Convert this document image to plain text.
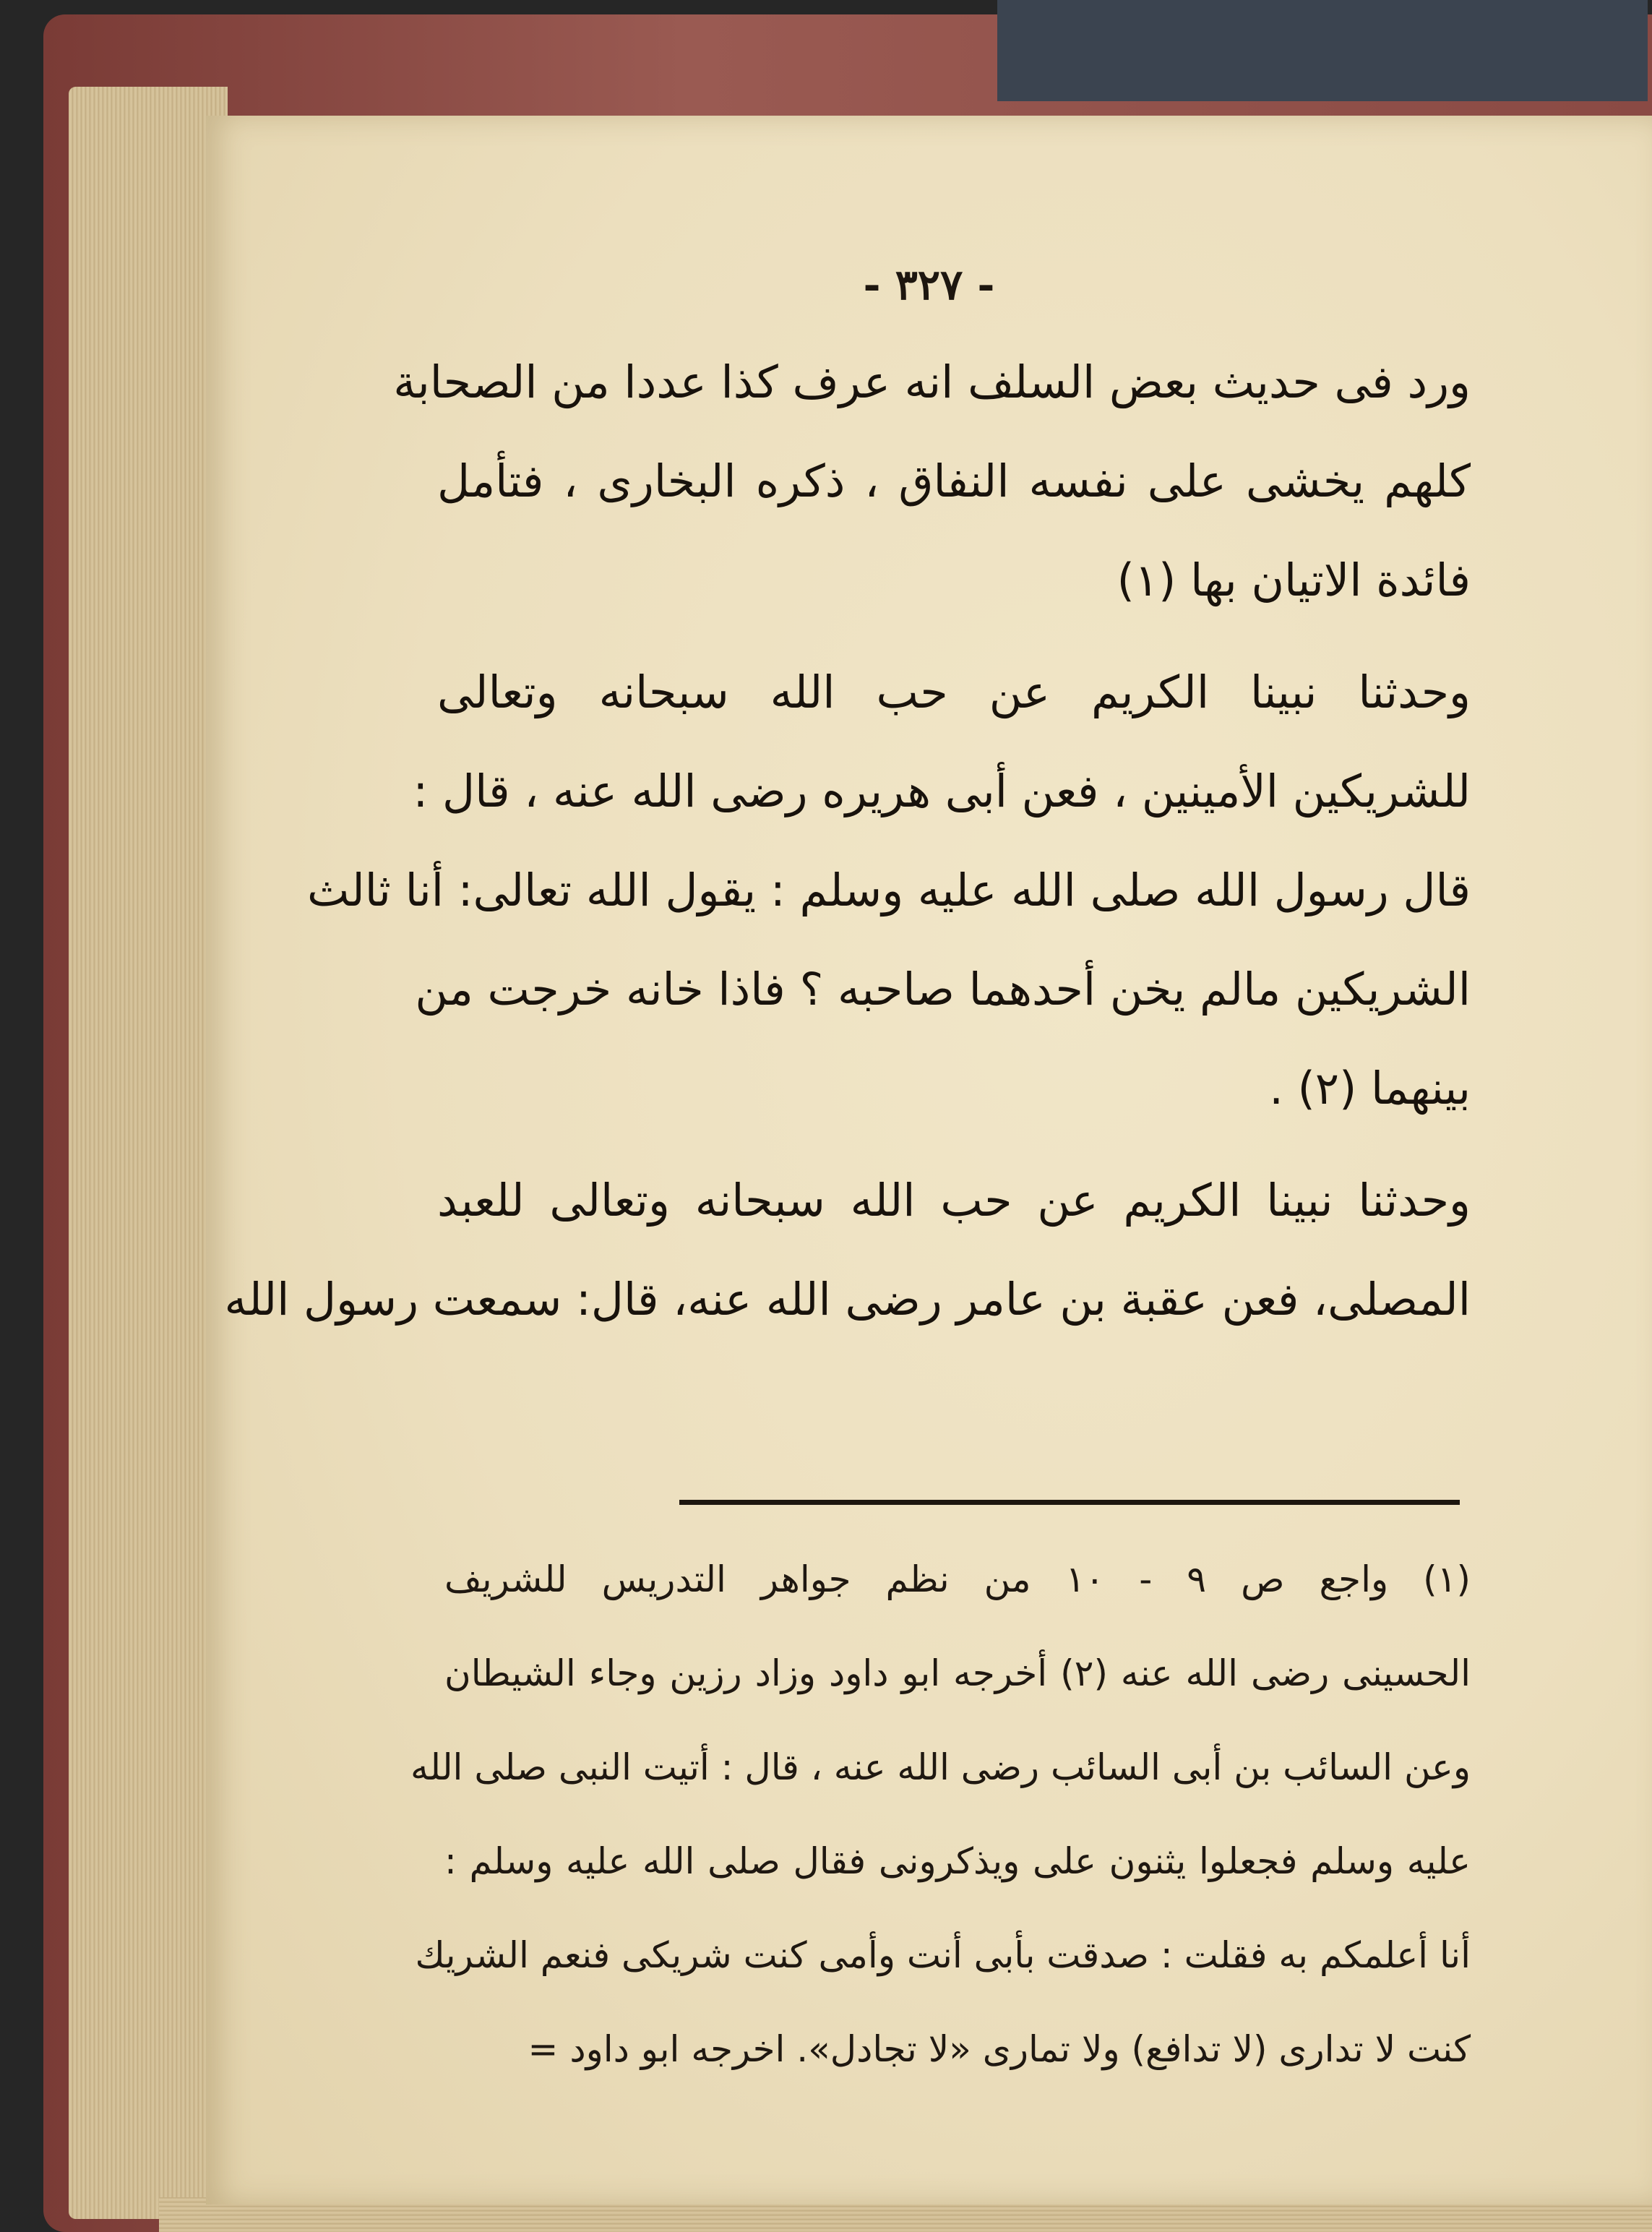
- ٣٢٧ -

ورد فى حديث بعض السلف انه عرف كذا عددا من الصحابة
كلهم يخشى على نفسه النفاق ، ذكره البخارى ، فتأمل
فائدة الاتيان بها (١)

وحدثنا نبينا الكريم عن حب الله سبحانه وتعالى
للشريكين الأمينين ، فعن أبى هريره رضى الله عنه ، قال :
قال رسول الله صلى الله عليه وسلم : يقول الله تعالى: أنا ثالث
الشريكين مالم يخن أحدهما صاحبه ؟ فاذا خانه خرجت من
بينهما (٢) .

وحدثنا نبينا الكريم عن حب الله سبحانه وتعالى للعبد
المصلى، فعن عقبة بن عامر رضى الله عنه، قال: سمعت رسول الله

(١) واجع ص ٩ - ١٠ من نظم جواهر التدريس للشريف
الحسينى رضى الله عنه (٢) أخرجه ابو داود وزاد رزين وجاء الشيطان
وعن السائب بن أبى السائب رضى الله عنه ، قال : أتيت النبى صلى الله
عليه وسلم فجعلوا يثنون على ويذكرونى فقال صلى الله عليه وسلم :
أنا أعلمكم به فقلت : صدقت بأبى أنت وأمى كنت شريكى فنعم الشريك
كنت لا تدارى (لا تدافع) ولا تمارى «لا تجادل». اخرجه ابو داود =
